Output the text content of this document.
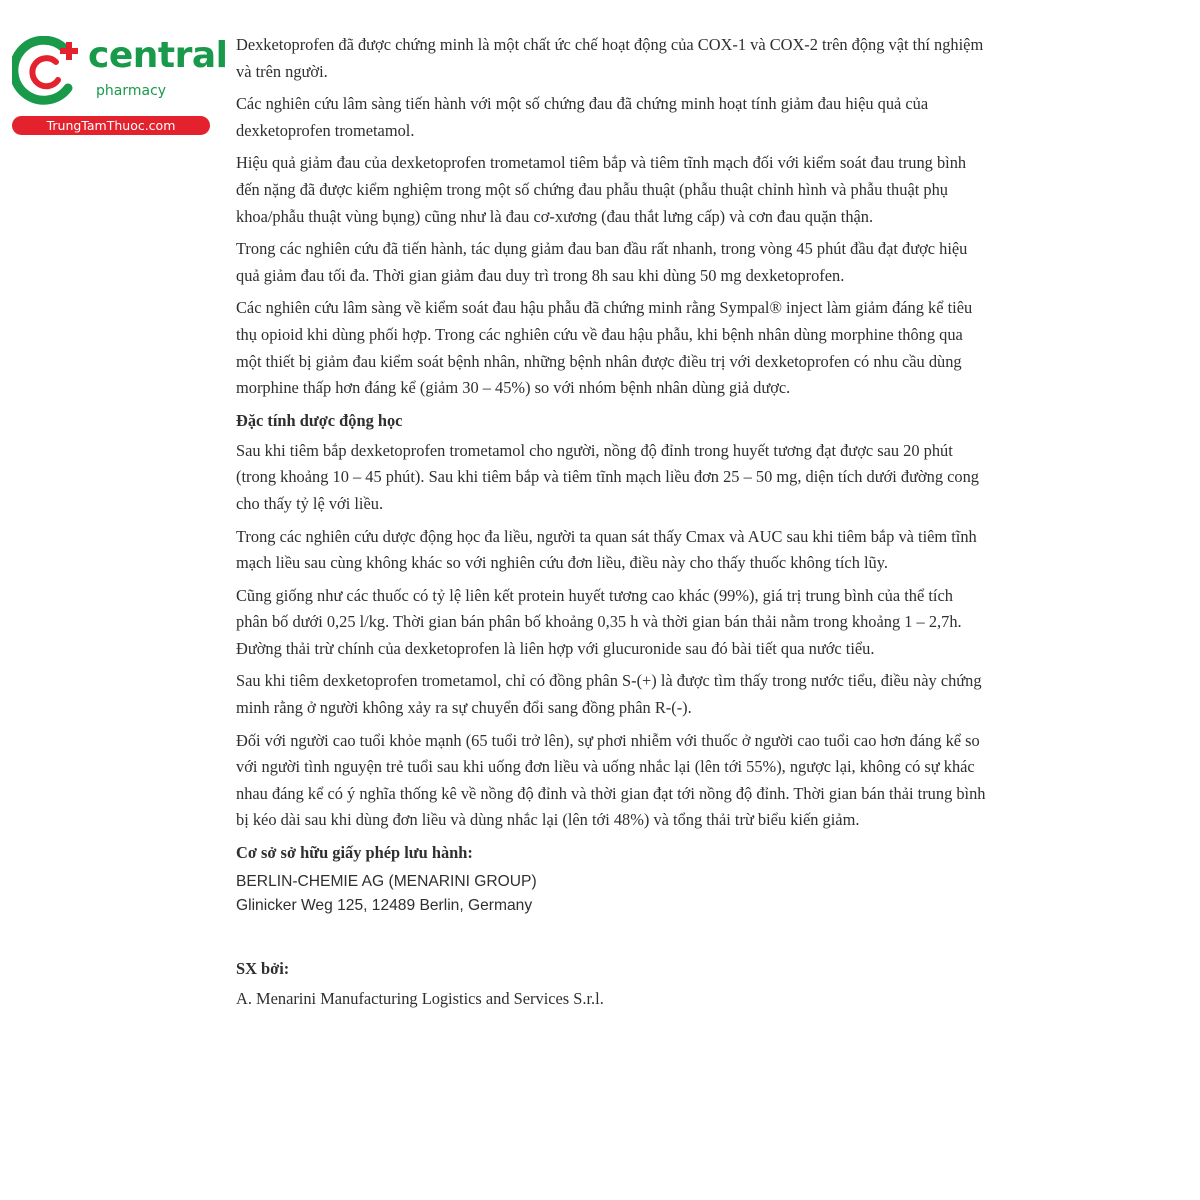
central
pharmacy
TrungTamThuoc.com

Dexketoprofen đã được chứng minh là một chất ức chế hoạt động của COX-1 và COX-2 trên động vật thí nghiệm và trên người.

Các nghiên cứu lâm sàng tiến hành với một số chứng đau đã chứng minh hoạt tính giảm đau hiệu quả của dexketoprofen trometamol.

Hiệu quả giảm đau của dexketoprofen trometamol tiêm bắp và tiêm tĩnh mạch đối với kiểm soát đau trung bình đến nặng đã được kiểm nghiệm trong một số chứng đau phẫu thuật (phẫu thuật chỉnh hình và phẫu thuật phụ khoa/phẫu thuật vùng bụng) cũng như là đau cơ-xương (đau thắt lưng cấp) và cơn đau quặn thận.

Trong các nghiên cứu đã tiến hành, tác dụng giảm đau ban đầu rất nhanh, trong vòng 45 phút đầu đạt được hiệu quả giảm đau tối đa. Thời gian giảm đau duy trì trong 8h sau khi dùng 50 mg dexketoprofen.

Các nghiên cứu lâm sàng về kiểm soát đau hậu phẫu đã chứng minh rằng Sympal® inject làm giảm đáng kể tiêu thụ opioid khi dùng phối hợp. Trong các nghiên cứu về đau hậu phẫu, khi bệnh nhân dùng morphine thông qua một thiết bị giảm đau kiểm soát bệnh nhân, những bệnh nhân được điều trị với dexketoprofen có nhu cầu dùng morphine thấp hơn đáng kể (giảm 30 – 45%) so với nhóm bệnh nhân dùng giả dược.

Đặc tính dược động học

Sau khi tiêm bắp dexketoprofen trometamol cho người, nồng độ đỉnh trong huyết tương đạt được sau 20 phút (trong khoảng 10 – 45 phút). Sau khi tiêm bắp và tiêm tĩnh mạch liều đơn 25 – 50 mg, diện tích dưới đường cong cho thấy tỷ lệ với liều.

Trong các nghiên cứu dược động học đa liều, người ta quan sát thấy Cmax và AUC sau khi tiêm bắp và tiêm tĩnh mạch liều sau cùng không khác so với nghiên cứu đơn liều, điều này cho thấy thuốc không tích lũy.

Cũng giống như các thuốc có tỷ lệ liên kết protein huyết tương cao khác (99%), giá trị trung bình của thể tích phân bố dưới 0,25 l/kg. Thời gian bán phân bố khoảng 0,35 h và thời gian bán thải nằm trong khoảng 1 – 2,7h. Đường thải trừ chính của dexketoprofen là liên hợp với glucuronide sau đó bài tiết qua nước tiểu.

Sau khi tiêm dexketoprofen trometamol, chỉ có đồng phân S-(+) là được tìm thấy trong nước tiểu, điều này chứng minh rằng ở người không xảy ra sự chuyển đổi sang đồng phân R-(-).

Đối với người cao tuổi khỏe mạnh (65 tuổi trở lên), sự phơi nhiễm với thuốc ở người cao tuổi cao hơn đáng kể so với người tình nguyện trẻ tuổi sau khi uống đơn liều và uống nhắc lại (lên tới 55%), ngược lại, không có sự khác nhau đáng kể có ý nghĩa thống kê về nồng độ đỉnh và thời gian đạt tới nồng độ đỉnh. Thời gian bán thải trung bình bị kéo dài sau khi dùng đơn liều và dùng nhắc lại (lên tới 48%) và tổng thải trừ biểu kiến giảm.

Cơ sở sở hữu giấy phép lưu hành:

BERLIN-CHEMIE AG (MENARINI GROUP)

Glinicker Weg 125, 12489 Berlin, Germany

SX bởi:

A. Menarini Manufacturing Logistics and Services S.r.l.
